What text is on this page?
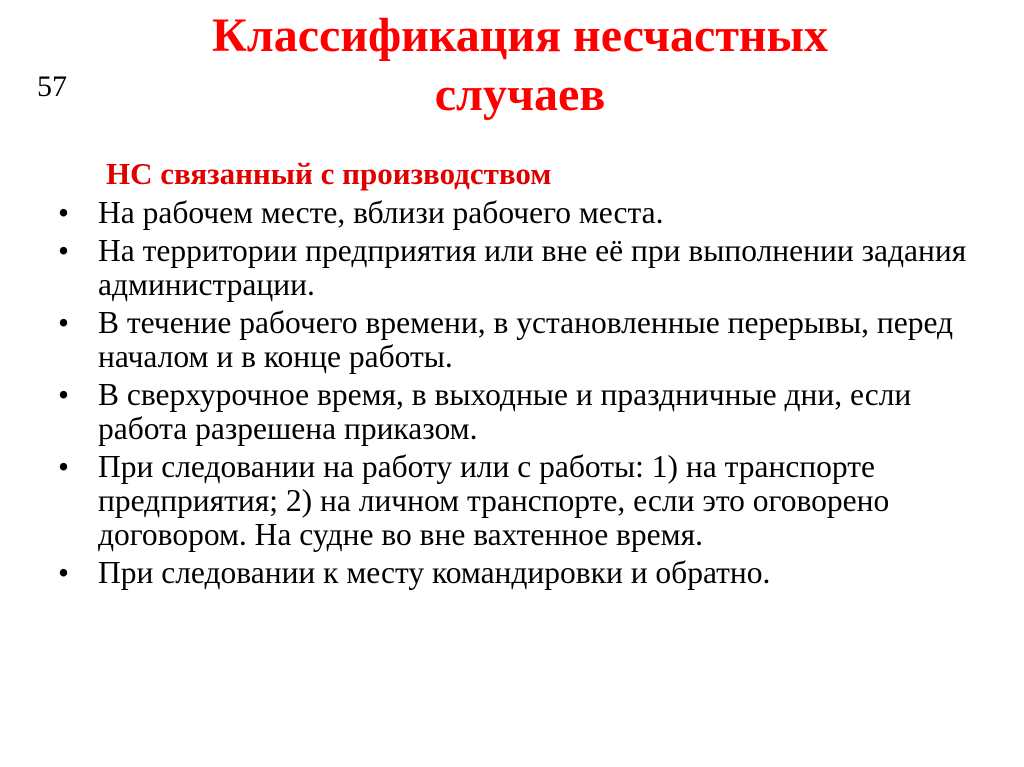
57
Классификация несчастных
случаев
НС связанный с производством
• На рабочем месте, вблизи рабочего места.
• На территории предприятия или вне её при выполнении задания администрации.
• В течение рабочего времени, в установленные перерывы, перед началом и в конце работы.
• В сверхурочное время, в выходные и праздничные дни, если работа разрешена приказом.
• При следовании на работу или с работы: 1) на транспорте предприятия; 2) на личном транспорте, если это оговорено договором. На судне во вне вахтенное время.
• При следовании к месту командировки и обратно.
